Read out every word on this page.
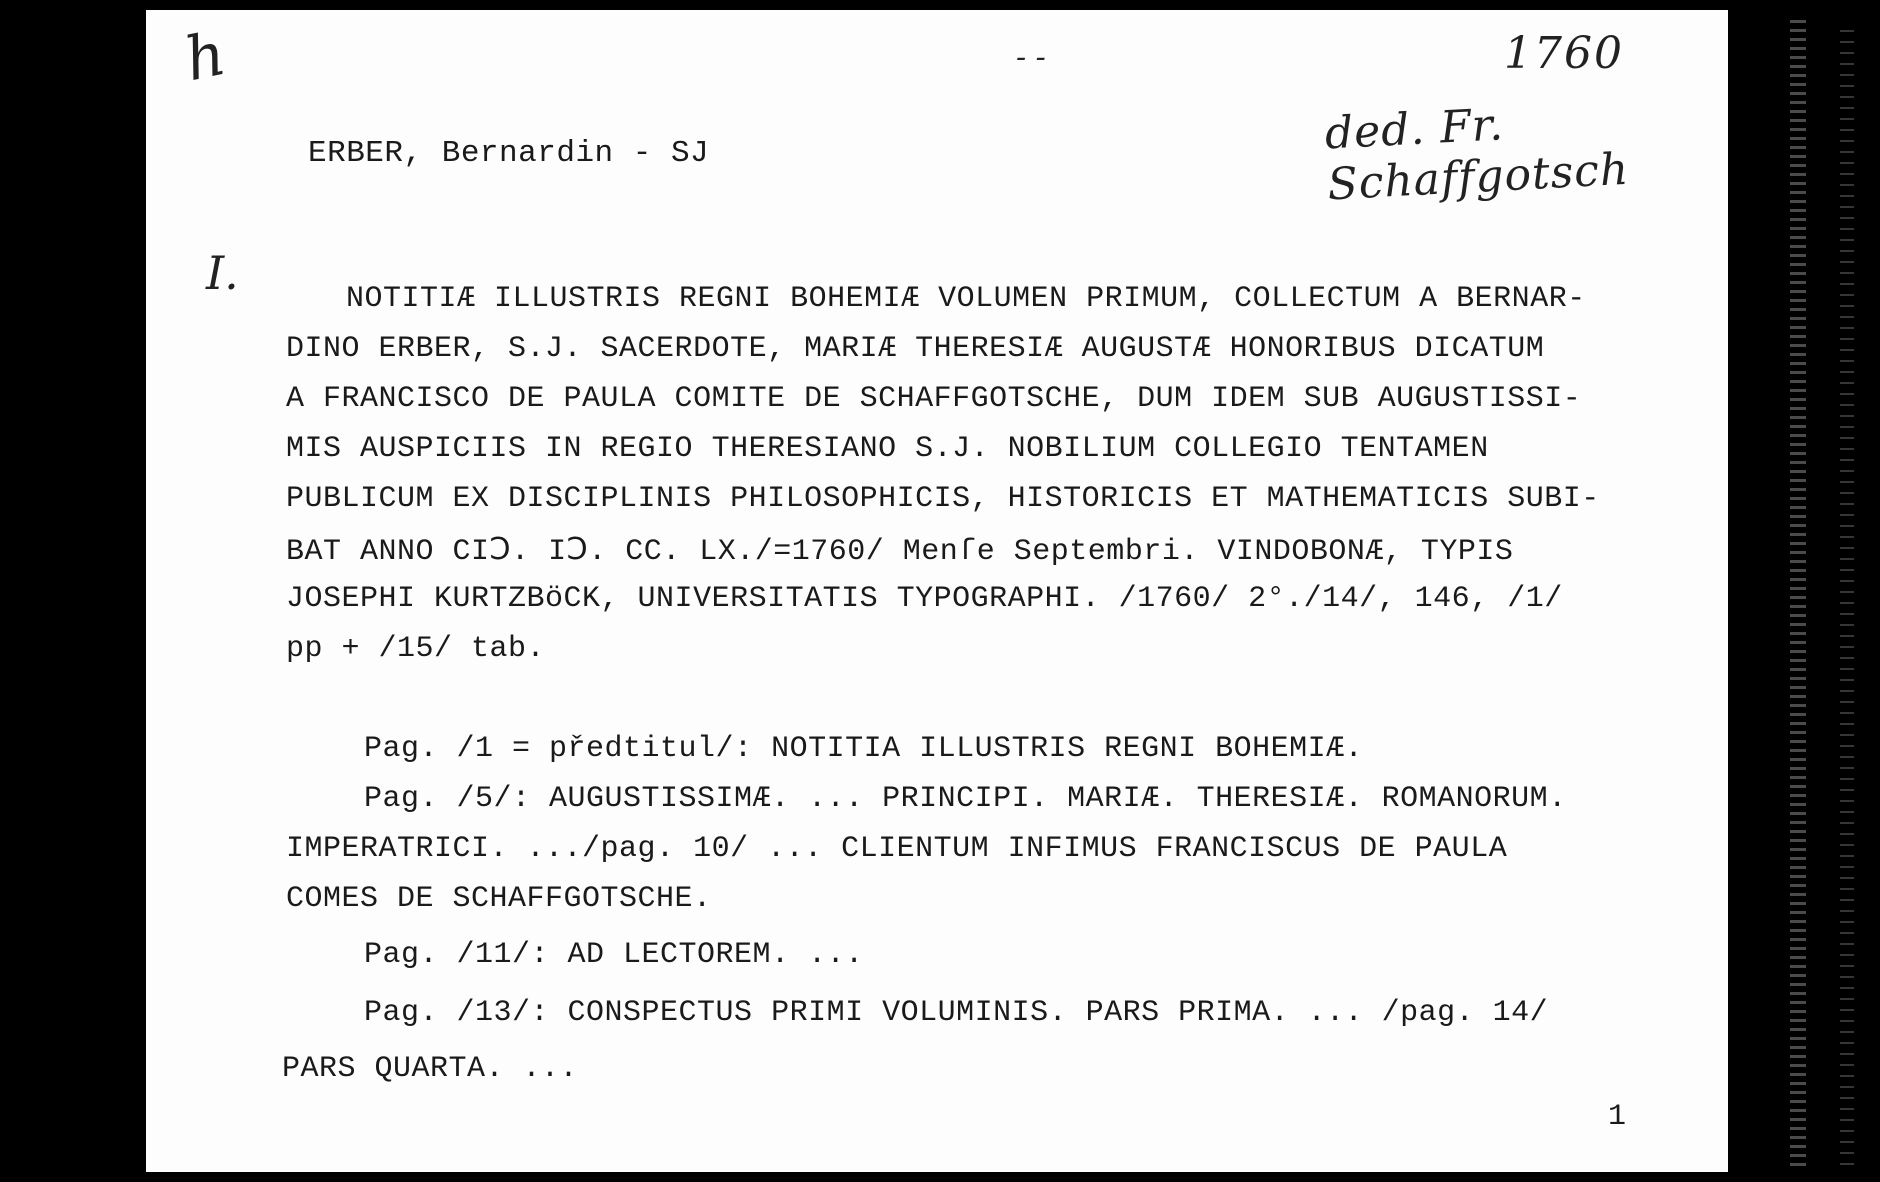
h	- -	1760
ded. Fr. Schaffgotsch
I.
ERBER, Bernardin - SJ
NOTITIÆ ILLUSTRIS REGNI BOHEMIÆ VOLUMEN PRIMUM, COLLECTUM A BERNAR-
DINO ERBER, S.J. SACERDOTE, MARIÆ THERESIÆ AUGUSTÆ HONORIBUS DICATUM
A FRANCISCO DE PAULA COMITE DE SCHAFFGOTSCHE, DUM IDEM SUB AUGUSTISSI-
MIS AUSPICIIS IN REGIO THERESIANO S.J. NOBILIUM COLLEGIO TENTAMEN
PUBLICUM EX DISCIPLINIS PHILOSOPHICIS, HISTORICIS ET MATHEMATICIS SUBI-
BAT ANNO CIↃ. IↃ. CC. LX./=1760/ Menſe Septembri. VINDOBONÆ, TYPIS
JOSEPHI KURTZBöCK, UNIVERSITATIS TYPOGRAPHI. /1760/ 2°./14/, 146, /1/
pp + /15/ tab.
Pag. /1 = předtitul/: NOTITIA ILLUSTRIS REGNI BOHEMIÆ.
Pag. /5/: AUGUSTISSIMÆ. ... PRINCIPI. MARIÆ. THERESIÆ. ROMANORUM.
IMPERATRICI. .../pag. 10/ ... CLIENTUM INFIMUS FRANCISCUS DE PAULA
COMES DE SCHAFFGOTSCHE.
Pag. /11/: AD LECTOREM. ...
Pag. /13/: CONSPECTUS PRIMI VOLUMINIS. PARS PRIMA. ... /pag. 14/
PARS QUARTA. ...
1
